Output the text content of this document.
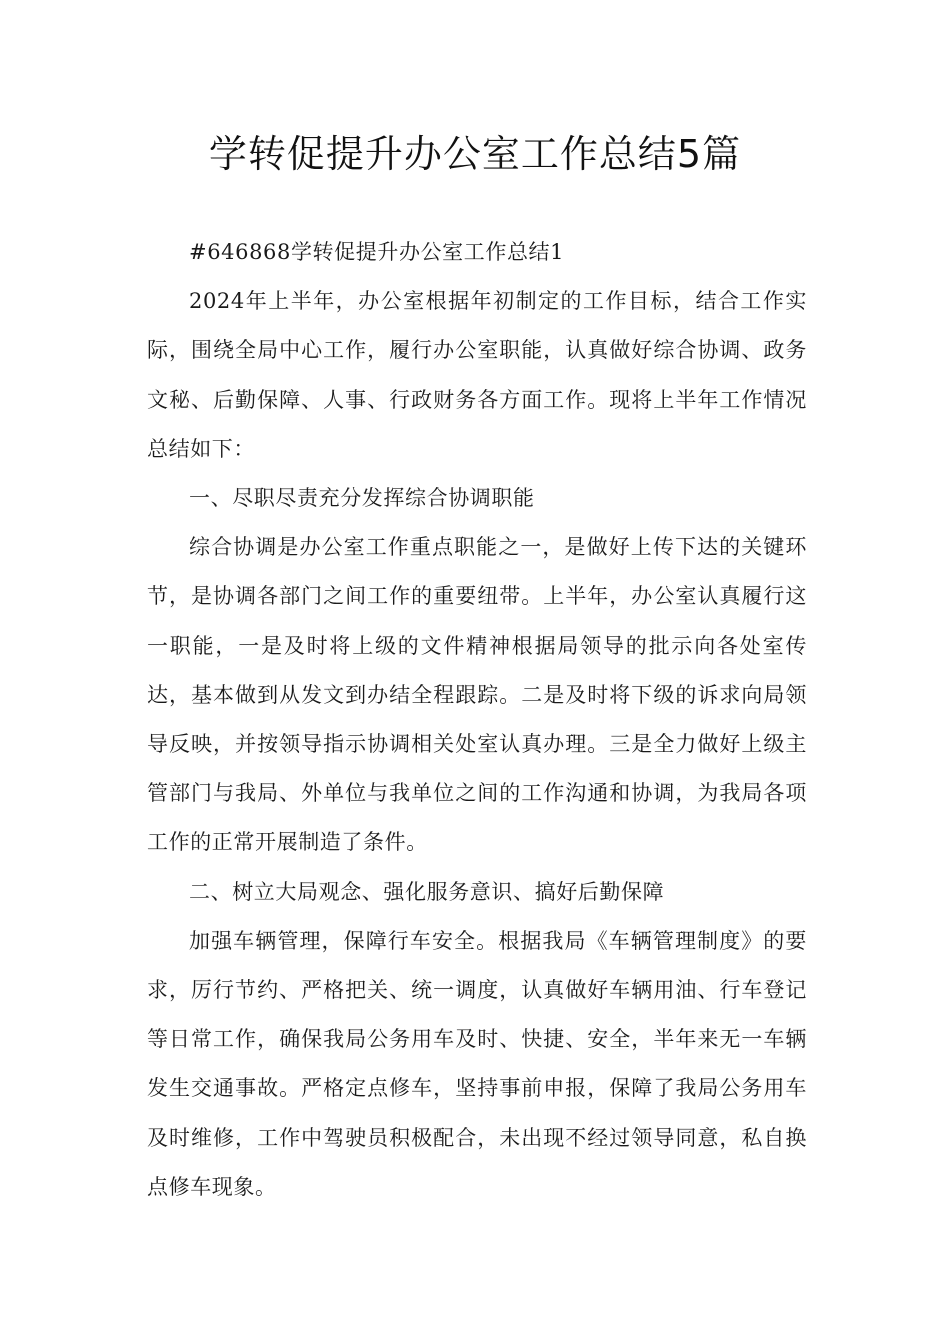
学转促提升办公室工作总结5篇

#646868学转促提升办公室工作总结1

2024年上半年，办公室根据年初制定的工作目标，结合工作实际，围绕全局中心工作，履行办公室职能，认真做好综合协调、政务文秘、后勤保障、人事、行政财务各方面工作。现将上半年工作情况总结如下：

一、尽职尽责充分发挥综合协调职能

综合协调是办公室工作重点职能之一，是做好上传下达的关键环节，是协调各部门之间工作的重要纽带。上半年，办公室认真履行这一职能，一是及时将上级的文件精神根据局领导的批示向各处室传达，基本做到从发文到办结全程跟踪。二是及时将下级的诉求向局领导反映，并按领导指示协调相关处室认真办理。三是全力做好上级主管部门与我局、外单位与我单位之间的工作沟通和协调，为我局各项工作的正常开展制造了条件。

二、树立大局观念、强化服务意识、搞好后勤保障

加强车辆管理，保障行车安全。根据我局《车辆管理制度》的要求，厉行节约、严格把关、统一调度，认真做好车辆用油、行车登记等日常工作，确保我局公务用车及时、快捷、安全，半年来无一车辆发生交通事故。严格定点修车，坚持事前申报，保障了我局公务用车及时维修，工作中驾驶员积极配合，未出现不经过领导同意，私自换点修车现象。
